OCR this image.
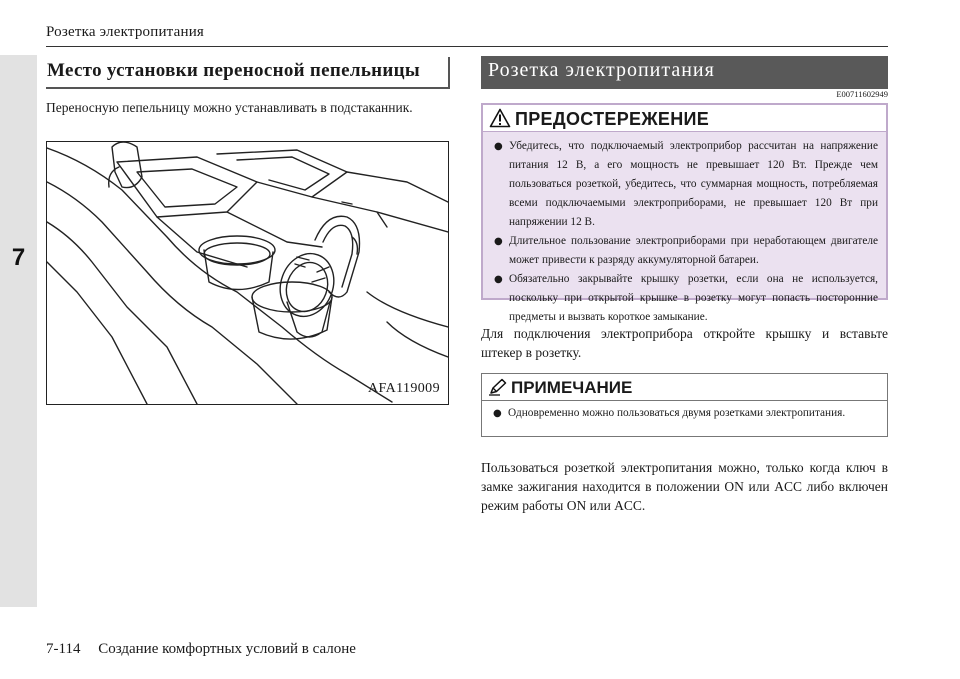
7
Розетка электропитания
Место установки переносной пепельницы
Переносную пепельницу можно устанавливать в подстаканник.
AFA119009
Розетка электропитания
E00711602949
ПРЕДОСТЕРЕЖЕНИЕ
● Убедитесь, что подключаемый электроприбор рассчитан на напряжение питания 12 В, а его мощность не превышает 120 Вт. Прежде чем пользоваться розеткой, убедитесь, что суммарная мощность, потребляемая всеми подключаемыми электроприборами, не превышает 120 Вт при напряжении 12 В.
● Длительное пользование электроприборами при неработающем двигателе может привести к разряду аккумуляторной батареи.
● Обязательно закрывайте крышку розетки, если она не используется, поскольку при открытой крышке в розетку могут попасть посторонние предметы и вызвать короткое замыкание.
Для подключения электроприбора откройте крышку и вставьте штекер в розетку.
ПРИМЕЧАНИЕ
● Одновременно можно пользоваться двумя розетками электропитания.
Пользоваться розеткой электропитания можно, только когда ключ в замке зажигания находится в положении ON или ACC либо включен режим работы ON или ACC.
7-114 Создание комфортных условий в салоне
